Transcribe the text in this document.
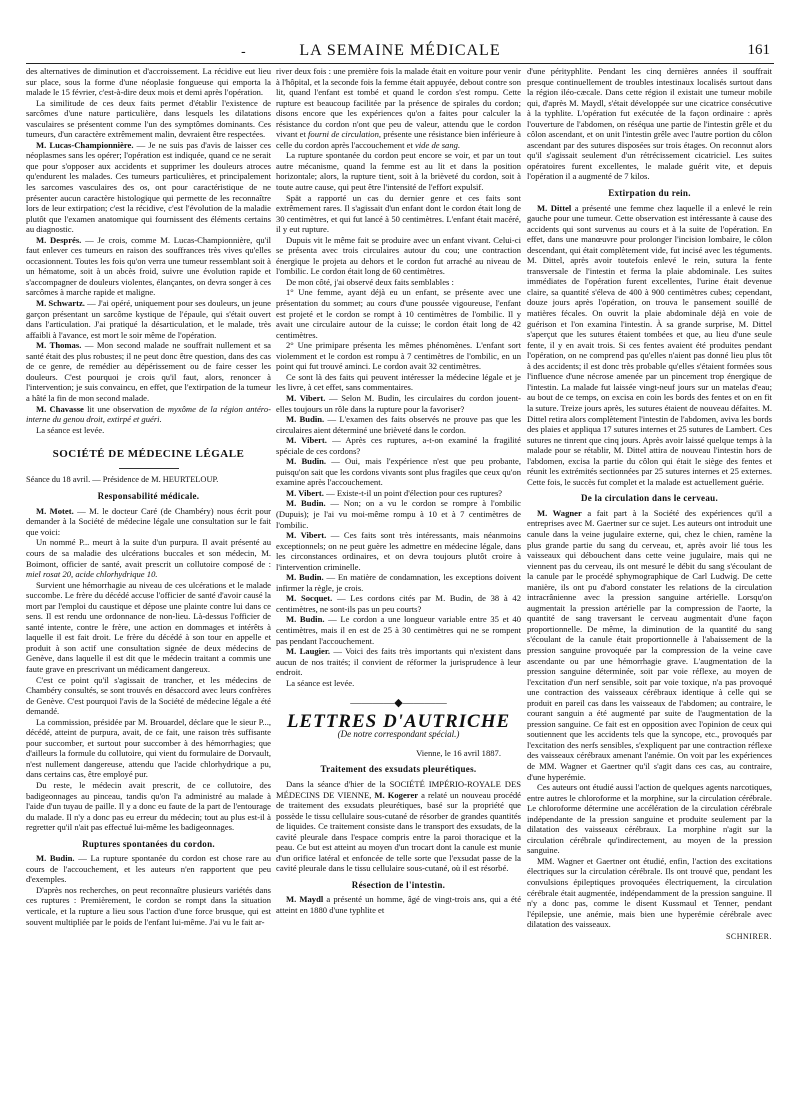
-	LA SEMAINE MÉDICALE	161

des alternatives de diminution et d'accroissement. La récidive eut lieu sur place, sous la forme d'une néoplasie fongueuse qui emporta la malade le 15 février, c'est-à-dire deux mois et demi après l'opération.

La similitude de ces deux faits permet d'établir l'existence de sarcômes d'une nature particulière, dans lesquels les dilatations vasculaires se présentent comme l'un des symptômes dominants. Ces tumeurs, d'un caractère extrêmement malin, devraient être respectées.

M. Lucas-Championnière. — Je ne suis pas d'avis de laisser ces néoplasmes sans les opérer; l'opération est indiquée, quand ce ne serait que pour s'opposer aux accidents et supprimer les douleurs atroces qu'endurent les malades. Ces tumeurs particulières, et principalement les sarcomes vasculaires des os, ont pour caractéristique de ne présenter aucun caractère histologique qui permette de les reconnaître lors de leur extirpation; c'est la récidive, c'est l'évolution de la maladie plutôt que l'examen anatomique qui fournissent des éléments certains au diagnostic.

M. Després. — Je crois, comme M. Lucas-Championnière, qu'il faut enlever ces tumeurs en raison des souffrances très vives qu'elles occasionnent. Toutes les fois qu'on verra une tumeur ressemblant soit à un hématome, soit à un abcès froid, suivre une évolution rapide et s'accompagner de douleurs violentes, élançantes, on devra songer à ces sarcômes à marche rapide et maligne.

M. Schwartz. — J'ai opéré, uniquement pour ses douleurs, un jeune garçon présentant un sarcôme kystique de l'épaule, qui s'était ouvert dans l'articulation. J'ai pratiqué la désarticulation, et le malade, très affaibli à l'avance, est mort le soir même de l'opération.

M. Thomas. — Mon second malade ne souffrait nullement et sa santé était des plus robustes; il ne peut donc être question, dans des cas de ce genre, de remédier au dépérissement ou de faire cesser les douleurs. C'est pourquoi je crois qu'il faut, alors, renoncer à l'intervention; je suis convaincu, en effet, que l'extirpation de la tumeur a hâté la fin de mon second malade.

M. Chavasse lit une observation de myxôme de la région antéro-interne du genou droit, extirpé et guéri.

La séance est levée.

SOCIÉTÉ DE MÉDECINE LÉGALE

Séance du 18 avril. — Présidence de M. HEURTELOUP.

Responsabilité médicale.

M. Motet. — M. le docteur Caré (de Chambéry) nous écrit pour demander à la Société de médecine légale une consultation sur le fait que voici:

Un nommé P... meurt à la suite d'un purpura. Il avait présenté au cours de sa maladie des ulcérations buccales et son médecin, M. Boimont, officier de santé, avait prescrit un collutoire composé de : miel rosat 20, acide chlorhydrique 10.

Survient une hémorrhagie au niveau de ces ulcérations et le malade succombe. Le frère du décédé accuse l'officier de santé d'avoir causé la mort par l'emploi du caustique et dépose une plainte contre lui dans ce sens. Il est rendu une ordonnance de non-lieu. Là-dessus l'officier de santé intente, contre le frère, une action en dommages et intérêts à laquelle il est fait droit. Le frère du décédé à son tour en appelle et produit à son actif une consultation signée de deux médecins de Genève, dans laquelle il est dit que le médecin traitant a commis une faute grave en prescrivant un médicament dangereux.

C'est ce point qu'il s'agissait de trancher, et les médecins de Chambéry consultés, se sont trouvés en désaccord avec leurs confrères de Genève. C'est pourquoi l'avis de la Société de médecine légale a été demandé.

La commission, présidée par M. Brouardel, déclare que le sieur P..., décédé, atteint de purpura, avait, de ce fait, une raison très suffisante pour succomber, et surtout pour succomber à des hémorrhagies; que d'ailleurs la formule du collutoire, qui vient du formulaire de Dorvault, n'est nullement dangereuse, attendu que l'acide chlorhydrique a pu, dans certains cas, être employé pur.

Du reste, le médecin avait prescrit, de ce collutoire, des badigeonnages au pinceau, tandis qu'on l'a administré au malade à l'aide d'un tuyau de paille. Il y a donc eu faute de la part de l'entourage du malade. Il n'y a donc pas eu erreur du médecin; tout au plus est-il à regretter qu'il n'ait pas effectué lui-même les badigeonnages.

Ruptures spontanées du cordon.

M. Budin. — La rupture spontanée du cordon est chose rare au cours de l'accouchement, et les auteurs n'en rapportent que peu d'exemples.

D'après nos recherches, on peut reconnaître plusieurs variétés dans ces ruptures : Premièrement, le cordon se rompt dans la situation verticale, et la rupture a lieu sous l'action d'une force brusque, qui est souvent multipliée par le poids de l'enfant lui-même. J'ai vu le fait ar-

river deux fois : une première fois la malade était en voiture pour venir à l'hôpital, et la seconde fois la femme était appuyée, debout contre son lit, quand l'enfant est tombé et quand le cordon s'est rompu. Cette rupture est beaucoup facilitée par la présence de spirales du cordon; disons encore que les expériences qu'on a faites pour calculer la résistance du cordon n'ont que peu de valeur, attendu que le cordon vivant et fourni de circulation, présente une résistance bien inférieure à celle du cordon après l'accouchement et vide de sang.

La rupture spontanée du cordon peut encore se voir, et par un tout autre mécanisme, quand la femme est au lit et dans la position horizontale; alors, la rupture tient, soit à la brièveté du cordon, soit à toute autre cause, qui peut être l'intensité de l'effort expulsif.

Spät a rapporté un cas du dernier genre et ces faits sont extrêmement rares. Il s'agissait d'un enfant dont le cordon était long de 30 centimètres, et qui fut lancé à 50 centimètres. L'enfant était macéré, il y eut rupture.

Dupuis vit le même fait se produire avec un enfant vivant. Celui-ci se présenta avec trois circulaires autour du cou; une contraction énergique le projeta au dehors et le cordon fut arraché au niveau de l'ombilic. Le cordon était long de 60 centimètres.

De mon côté, j'ai observé deux faits semblables :

1° Une femme, ayant déjà eu un enfant, se présente avec une présentation du sommet; au cours d'une poussée vigoureuse, l'enfant est projeté et le cordon se rompt à 10 centimètres de l'ombilic. Il y avait une circulaire autour de la cuisse; le cordon était long de 42 centimètres.

2° Une primipare présenta les mêmes phénomènes. L'enfant sort violemment et le cordon est rompu à 7 centimètres de l'ombilic, en un point qui fut trouvé aminci. Le cordon avait 32 centimètres.

Ce sont là des faits qui peuvent intéresser la médecine légale et je les livre, à cet effet, sans commentaires.

M. Vibert. — Selon M. Budin, les circulaires du cordon jouent-elles toujours un rôle dans la rupture pour la favoriser?

M. Budin. — L'examen des faits observés ne prouve pas que les circulaires aient déterminé une brièveté dans le cordon.

M. Vibert. — Après ces ruptures, a-t-on examiné la fragilité spéciale de ces cordons?

M. Budin. — Oui, mais l'expérience n'est que peu probante, puisqu'on sait que les cordons vivants sont plus fragiles que ceux qu'on examine après l'accouchement.

M. Vibert. — Existe-t-il un point d'élection pour ces ruptures?

M. Budin. — Non; on a vu le cordon se rompre à l'ombilic (Dupuis); je l'ai vu moi-même rompu à 10 et à 7 centimètres de l'ombilic.

M. Vibert. — Ces faits sont très intéressants, mais néanmoins exceptionnels; on ne peut guère les admettre en médecine légale, dans les circonstances ordinaires, et on devra toujours plutôt croire à l'intervention criminelle.

M. Budin. — En matière de condamnation, les exceptions doivent infirmer la règle, je crois.

M. Socquet. — Les cordons cités par M. Budin, de 38 à 42 centimètres, ne sont-ils pas un peu courts?

M. Budin. — Le cordon a une longueur variable entre 35 et 40 centimètres, mais il en est de 25 à 30 centimètres qui ne se rompent pas pendant l'accouchement.

M. Laugier. — Voici des faits très importants qui n'existent dans aucun de nos traités; il convient de réformer la jurisprudence à leur endroit.

La séance est levée.

————◆————
LETTRES D'AUTRICHE
(De notre correspondant spécial.)

Vienne, le 16 avril 1887.

Traitement des exsudats pleurétiques.

Dans la séance d'hier de la SOCIÉTÉ IMPÉRIO-ROYALE DES MÉDECINS DE VIENNE, M. Kogerer a relaté un nouveau procédé de traitement des exsudats pleurétiques, basé sur la propriété que possède le tissu cellulaire sous-cutané de résorber de grandes quantités de liquides. Ce traitement consiste dans le transport des exsudats, de la cavité pleurale dans l'espace compris entre la paroi thoracique et la peau. Ce but est atteint au moyen d'un trocart dont la canule est munie d'un orifice latéral et enfoncée de telle sorte que l'exsudat passe de la cavité pleurale dans le tissu cellulaire sous-cutané, où il est résorbé.

Résection de l'intestin.

M. Maydl a présenté un homme, âgé de vingt-trois ans, qui a été atteint en 1880 d'une typhlite et

d'une pérityphlite. Pendant les cinq dernières années il souffrait presque continuellement de troubles intestinaux localisés surtout dans la région iléo-cæcale. Dans cette région il existait une tumeur mobile qui, d'après M. Maydl, s'était développée sur une cicatrice consécutive à la typhlite. L'opération fut exécutée de la façon ordinaire : après l'ouverture de l'abdomen, on réséqua une partie de l'intestin grêle et du côlon ascendant, et on unit l'intestin grêle avec l'autre portion du côlon ascendant par des sutures disposées sur trois étages. On reconnut alors qu'il s'agissait seulement d'un rétrécissement cicatriciel. Les suites opératoires furent excellentes, le malade guérit vite, et depuis l'opération il a augmenté de 7 kilos.

Extirpation du rein.

M. Dittel a présenté une femme chez laquelle il a enlevé le rein gauche pour une tumeur. Cette observation est intéressante à cause des accidents qui sont survenus au cours et à la suite de l'opération. En effet, dans une manœuvre pour prolonger l'incision lombaire, le côlon descendant, qui était complètement vide, fut incisé avec les téguments. M. Dittel, après avoir toutefois enlevé le rein, sutura la fente transversale de l'intestin et ferma la plaie abdominale. Les suites immédiates de l'opération furent excellentes, l'urine était devenue claire, sa quantité s'éleva de 400 à 900 centimètres cubes; cependant, douze jours après l'opération, on trouva le pansement souillé de matières fécales. On ouvrit la plaie abdominale déjà en voie de guérison et l'on examina l'intestin. À sa grande surprise, M. Dittel s'aperçut que les sutures étaient tombées et que, au lieu d'une seule fente, il y en avait trois. Si ces fentes avaient été produites pendant l'opération, on ne comprend pas qu'elles n'aient pas donné lieu plus tôt à des accidents; il est donc très probable qu'elles s'étaient formées sous l'influence d'une nécrose amenée par un pincement trop énergique de l'intestin. La malade fut laissée vingt-neuf jours sur un matelas d'eau; au bout de ce temps, on excisa en coin les bords des fentes et on en fit la suture. Treize jours après, les sutures étaient de nouveau défaites. M. Dittel retira alors complètement l'intestin de l'abdomen, aviva les bords des plaies et appliqua 17 sutures internes et 25 sutures de Lambert. Ces sutures ne tinrent que cinq jours. Après avoir laissé quelque temps à la malade pour se rétablir, M. Dittel attira de nouveau l'intestin hors de l'abdomen, excisa la partie du côlon qui était le siège des fentes et réunit les extrémités sectionnées par 25 sutures internes et 25 externes. Cette fois, le succès fut complet et la malade est actuellement guérie.

De la circulation dans le cerveau.

M. Wagner a fait part à la Société des expériences qu'il a entreprises avec M. Gaertner sur ce sujet. Les auteurs ont introduit une canule dans la veine jugulaire externe, qui, chez le chien, ramène la plus grande partie du sang du cerveau, et, après avoir lié tous les vaisseaux qui débouchent dans cette veine jugulaire, mais qui ne viennent pas du cerveau, ils ont mesuré le débit du sang s'écoulant de la canule par le procédé sphymographique de Carl Ludwig. De cette manière, ils ont pu d'abord constater les relations de la circulation intracrânienne avec la pression sanguine artérielle. Lorsqu'on augmentait la pression artérielle par la compression de l'aorte, la quantité de sang traversant le cerveau augmentait d'une façon proportionnelle. De même, la diminution de la quantité du sang s'écoulant de la canule était proportionnelle à l'abaissement de la pression sanguine provoquée par la compression de la veine cave ascendante ou par une hémorrhagie grave. L'augmentation de la pression sanguine déterminée, soit par voie réflexe, au moyen de l'excitation d'un nerf sensible, soit par voie toxique, n'a pas provoqué une contraction des vaisseaux cérébraux identique à celle qui se produit en pareil cas dans les vaisseaux de l'abdomen; au contraire, le courant sanguin a été augmenté par suite de l'augmentation de la pression sanguine. Ce fait est en opposition avec l'opinion de ceux qui soutiennent que les accidents tels que la syncope, etc., provoqués par l'excitation des nerfs sensibles, s'expliquent par une contraction réflexe des vaisseaux cérébraux amenant l'anémie. On voit par les expériences de MM. Wagner et Gaertner qu'il s'agit dans ces cas, au contraire, d'une hyperémie.

Ces auteurs ont étudié aussi l'action de quelques agents narcotiques, entre autres le chloroforme et la morphine, sur la circulation cérébrale. Le chloroforme détermine une accélération de la circulation cérébrale indépendante de la pression sanguine et produite seulement par la dilatation des vaisseaux cérébraux. La morphine n'agit sur la circulation cérébrale qu'indirectement, au moyen de la pression sanguine.

MM. Wagner et Gaertner ont étudié, enfin, l'action des excitations électriques sur la circulation cérébrale. Ils ont trouvé que, pendant les convulsions épileptiques provoquées électriquement, la circulation cérébrale était augmentée, indépendamment de la pression sanguine. Il n'y a donc pas, comme le disent Kussmaul et Tenner, pendant l'épilepsie, une anémie, mais bien une hyperémie cérébrale avec dilatation des vaisseaux.

SCHNIRER.
